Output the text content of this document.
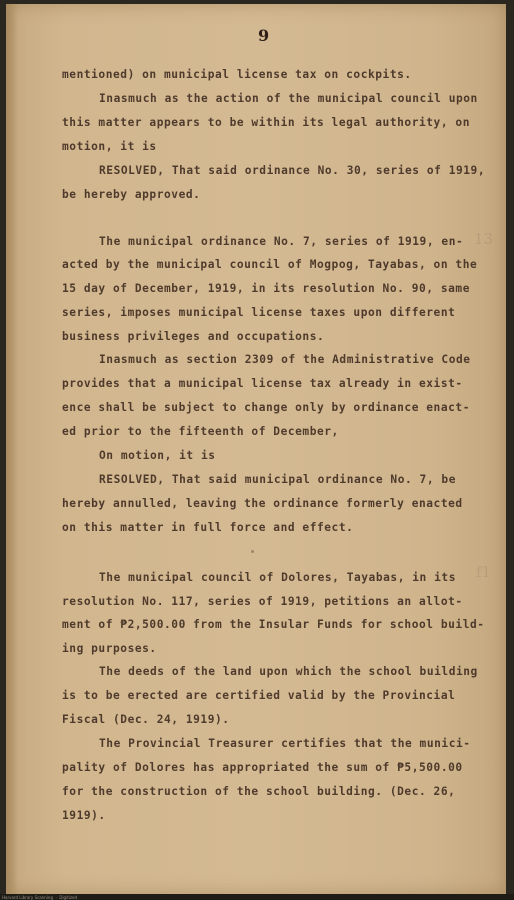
9
13
f1
mentioned) on municipal license tax on cockpits.
Inasmuch as the action of the municipal council upon
this matter appears to be within its legal authority, on
motion, it is
RESOLVED, That said ordinance No. 30, series of 1919,
be hereby approved.
The municipal ordinance No. 7, series of 1919, en-
acted by the municipal council of Mogpog, Tayabas, on the
15 day of December, 1919, in its resolution No. 90, same
series, imposes municipal license taxes upon different
business privileges and occupations.
Inasmuch as section 2309 of the Administrative Code
provides that a municipal license tax already in exist-
ence shall be subject to change only by ordinance enact-
ed prior to the fifteenth of December,
On motion, it is
RESOLVED, That said municipal ordinance No. 7, be
hereby annulled, leaving the ordinance formerly enacted
on this matter in full force and effect.
The municipal council of Dolores, Tayabas, in its
resolution No. 117, series of 1919, petitions an allot-
ment of ₱2,500.00 from the Insular Funds for school build-
ing purposes.
The deeds of the land upon which the school building
is to be erected are certified valid by the Provincial
Fiscal (Dec. 24, 1919).
The Provincial Treasurer certifies that the munici-
pality of Dolores has appropriated the sum of ₱5,500.00
for the construction of the school building. (Dec. 26,
1919).
Harvard Library Scanning  ·  Digitized
